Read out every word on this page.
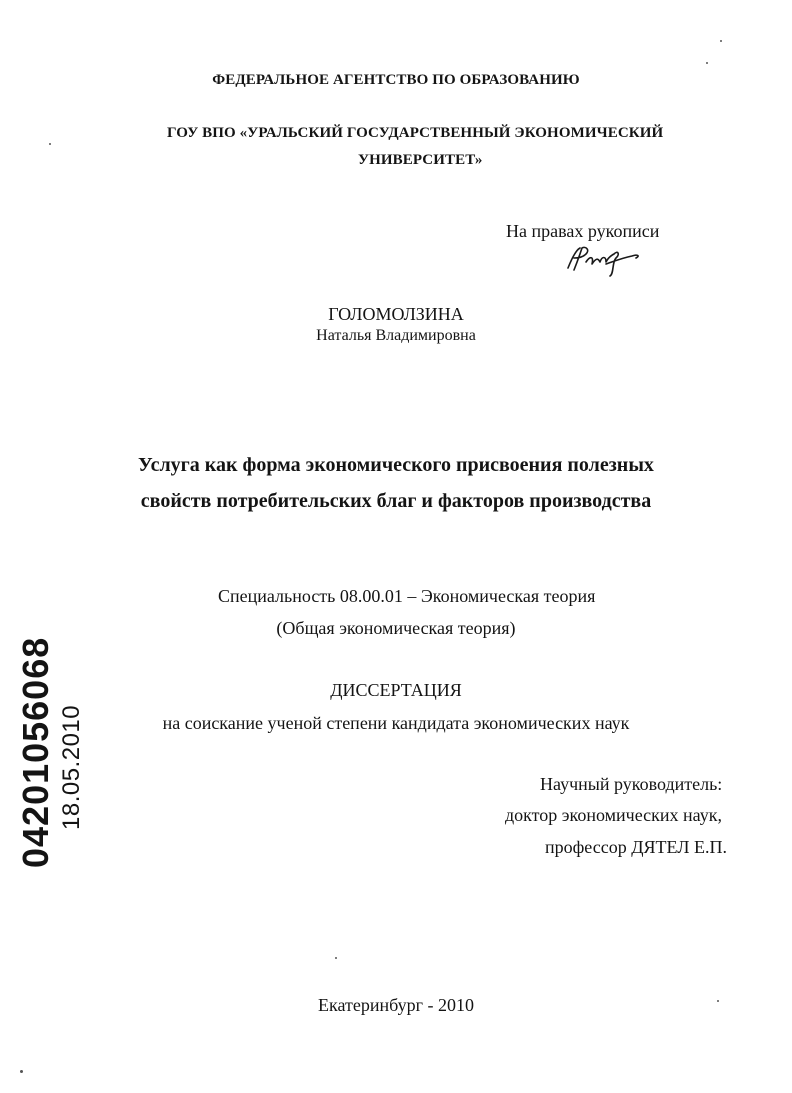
ФЕДЕРАЛЬНОЕ АГЕНТСТВО ПО ОБРАЗОВАНИЮ
ГОУ ВПО «УРАЛЬСКИЙ ГОСУДАРСТВЕННЫЙ ЭКОНОМИЧЕСКИЙ
УНИВЕРСИТЕТ»
На правах рукописи
ГОЛОМОЛЗИНА
Наталья Владимировна
Услуга как форма экономического присвоения полезных
свойств потребительских благ и факторов производства
Специальность 08.00.01 – Экономическая теория
(Общая экономическая теория)
ДИССЕРТАЦИЯ
на соискание ученой степени кандидата экономических наук
Научный руководитель:
доктор экономических наук,
профессор ДЯТЕЛ Е.П.
Екатеринбург - 2010
04201056068 18.05.2010
